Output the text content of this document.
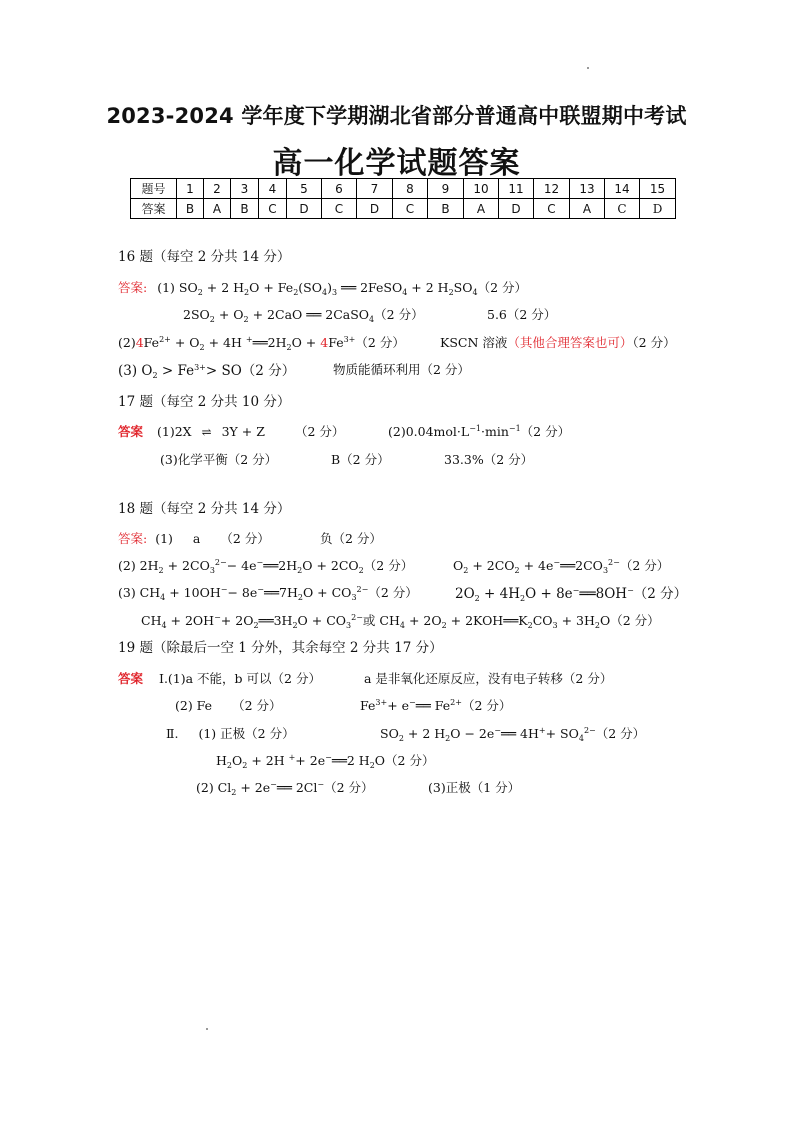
2023-2024 学年度下学期湖北省部分普通高中联盟期中考试
高一化学试题答案
题号	1	2	3	4	5	6	7	8	9	10	11	12	13	14	15
答案	B	A	B	C	D	C	D	C	B	A	D	C	A	C	D
16 题（每空 2 分共 14 分）
答案: (1) $SO_2 + 2$ $H_2O + Fe_2(SO_4)_3$ ══ 2FeSO$_4$ + 2 $H_2SO_4(2$ 分）
$2SO_2 + O_2 + 2CaO$ ══ 2CaSO$_4$（2 分）	5.6（2 分）
$(2)4Fe^{2+} + O_2 + 4H$ $^+══2H_2O + 4Fe^{3+}(2$ 分）	KSCN 溶液（其他合理答案也可）（2 分）
(3) $O_2 > Fe^{3+}> SO(2$ 分）	物质能循环利用（2 分）
17 题（每空 2 分共 10 分）
答案 (1)2X ⇌ 3Y + Z （2 分）	$(2)0.04mol\cdot L^{-1}\cdot\min^{-1}(2$ 分）
(3)化学平衡（2 分）	B（2 分）	33.3%（2 分）
18 题（每空 2 分共 14 分）
答案: (1) a （2 分）	负（2 分）
(2) $2H_2 + 2CO_3^{2-}-$ $4e^-══2H_2O + 2CO_2(2$ 分）	$O_2 + 2CO_2$ + $4e^-══2CO_3^{2-}(2$ 分）
(3) $CH_4 + 10OH^--$ $8e^-══7H_2O + CO_3^{2-}(2$ 分）	$2O_2 + 4H_2O$ + 8e−══8OH−（2 分）
$CH_4 + 2OH^-+$ $2O_2══3H_2O + CO_3^{2-}$或 $CH_4 + 2O_2$ + $2KOH══K_2CO_3 + 3H_2O(2$ 分）
19 题（除最后一空 1 分外，其余每空 2 分共 17 分）
答案 Ⅰ.(1)a 不能，b 可以（2 分）	a 是非氧化还原反应，没有电子转移（2 分）
(2) Fe （2 分）	$Fe^{3+}+$ e−══ $Fe^{2+}(2$ 分）
Ⅱ. (1) 正极（2 分）	$SO_2 + 2$ $H_2O$ − 2e−══ $4H^++ SO_4^{2-}(2$ 分）
$H_2O_2 + 2H$ ++ 2e−══2 $H_2O(2$ 分）
(2) $Cl_2$ + 2e−══ 2Cl−（2 分）	(3)正极（1 分）
